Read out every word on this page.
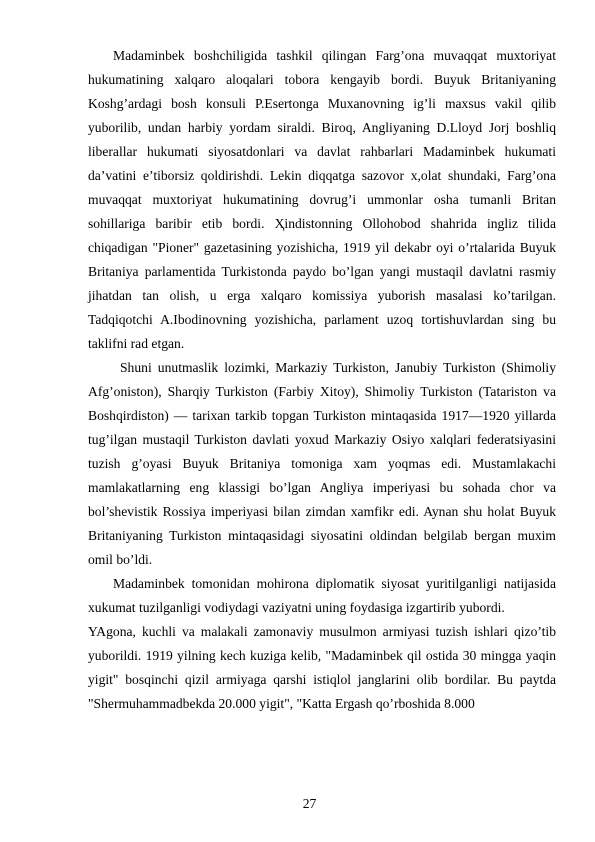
Madaminbek boshchiligida tashkil qilingan Farg’ona muvaqqat muxtoriyat hukumatining xalqaro aloqalari tobora kengayib bordi. Buyuk Britaniyaning Koshg’ardagi bosh konsuli P.Esertonga Muxanovning ig’li maxsus vakil qilib yuborilib, undan harbiy yordam siraldi. Biroq, Angliyaning D.Lloyd Jorj boshliq liberallar hukumati siyosatdonlari va davlat rahbarlari Madaminbek hukumati da’vatini e’tiborsiz qoldirishdi. Lekin diqqatga sazovor x,olat shundaki, Farg’ona muvaqqat muxtoriyat hukumatining dovrug’i ummonlar osha tumanli Britan sohillariga baribir etib bordi. Ҳindistonning Ollohobod shahrida ingliz tilida chiqadigan "Pioner" gazetasining yozishicha, 1919 yil dekabr oyi o’rtalarida Buyuk Britaniya parlamentida Turkistonda paydo bo’lgan yangi mustaqil davlatni rasmiy jihatdan tan olish, u erga xalqaro komissiya yuborish masalasi ko’tarilgan. Tadqiqotchi A.Ibodinovning yozishicha, parlament uzoq tortishuvlardan sing bu taklifni rad etgan.

Shuni unutmaslik lozimki, Markaziy Turkiston, Janubiy Turkiston (Shimoliy Afg’oniston), Sharqiy Turkiston (Farbiy Xitoy), Shimoliy Turkiston (Tatariston va Boshqirdiston) — tarixan tarkib topgan Turkiston mintaqasida 1917—1920 yillarda tug’ilgan mustaqil Turkiston davlati yoxud Markaziy Osiyo xalqlari federatsiyasini tuzish g’oyasi Buyuk Britaniya tomoniga xam yoqmas edi. Mustamlakachi mamlakatlarning eng klassigi bo’lgan Angliya imperiyasi bu sohada chor va bol’shevistik Rossiya imperiyasi bilan zimdan xamfikr edi. Aynan shu holat Buyuk Britaniyaning Turkiston mintaqasidagi siyosatini oldindan belgilab bergan muxim omil bo’ldi.

Madaminbek tomonidan mohirona diplomatik siyosat yuritilganligi natijasida xukumat tuzilganligi vodiydagi vaziyatni uning foydasiga izgartirib yubordi.

YAgona, kuchli va malakali zamonaviy musulmon armiyasi tuzish ishlari qizo’tib yuborildi. 1919 yilning kech kuziga kelib, "Madaminbek qil ostida 30 mingga yaqin yigit" bosqinchi qizil armiyaga qarshi istiqlol janglarini olib bordilar. Bu paytda "Shermuhammadbekda 20.000 yigit", "Katta Ergash qo’rboshida 8.000

27
